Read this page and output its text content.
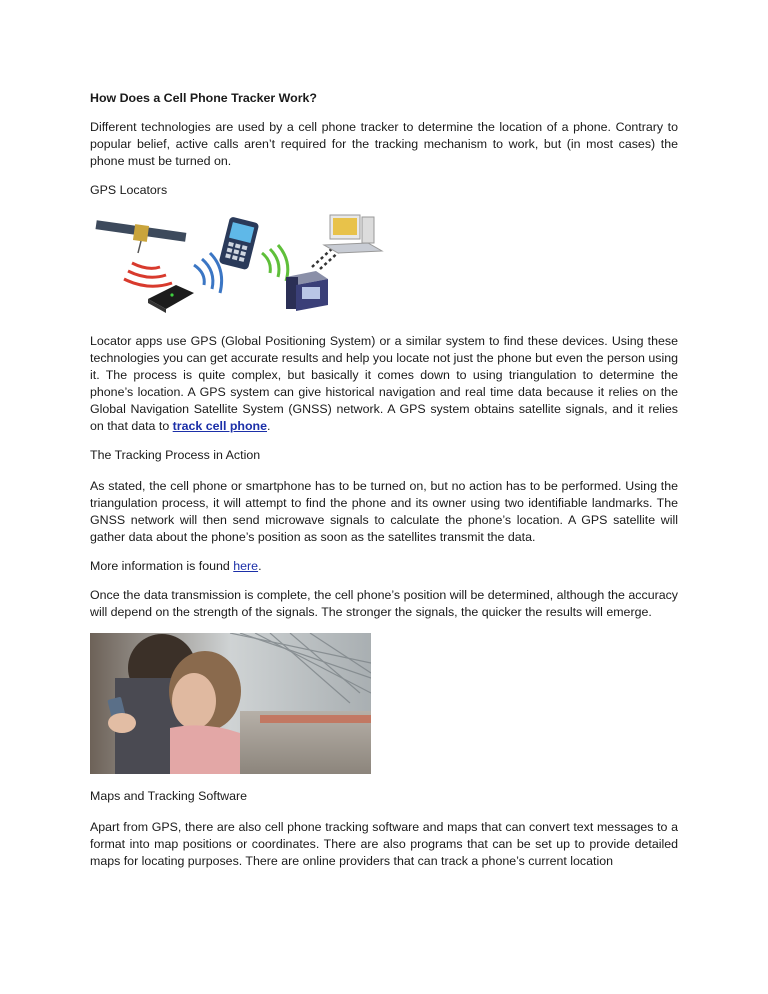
How Does a Cell Phone Tracker Work?

Different technologies are used by a cell phone tracker to determine the location of a phone. Contrary to popular belief, active calls aren’t required for the tracking mechanism to work, but (in most cases) the phone must be turned on.

GPS Locators

Locator apps use GPS (Global Positioning System) or a similar system to find these devices. Using these technologies you can get accurate results and help you locate not just the phone but even the person using it. The process is quite complex, but basically it comes down to using triangulation to determine the phone’s location. A GPS system can give historical navigation and real time data because it relies on the Global Navigation Satellite System (GNSS) network. A GPS system obtains satellite signals, and it relies on that data to track cell phone.

The Tracking Process in Action

As stated, the cell phone or smartphone has to be turned on, but no action has to be performed. Using the triangulation process, it will attempt to find the phone and its owner using two identifiable landmarks. The GNSS network will then send microwave signals to calculate the phone’s location. A GPS satellite will gather data about the phone’s position as soon as the satellites transmit the data.

More information is found here.

Once the data transmission is complete, the cell phone’s position will be determined, although the accuracy will depend on the strength of the signals. The stronger the signals, the quicker the results will emerge.

Maps and Tracking Software

Apart from GPS, there are also cell phone tracking software and maps that can convert text messages to a format into map positions or coordinates. There are also programs that can be set up to provide detailed maps for locating purposes. There are online providers that can track a phone’s current location
